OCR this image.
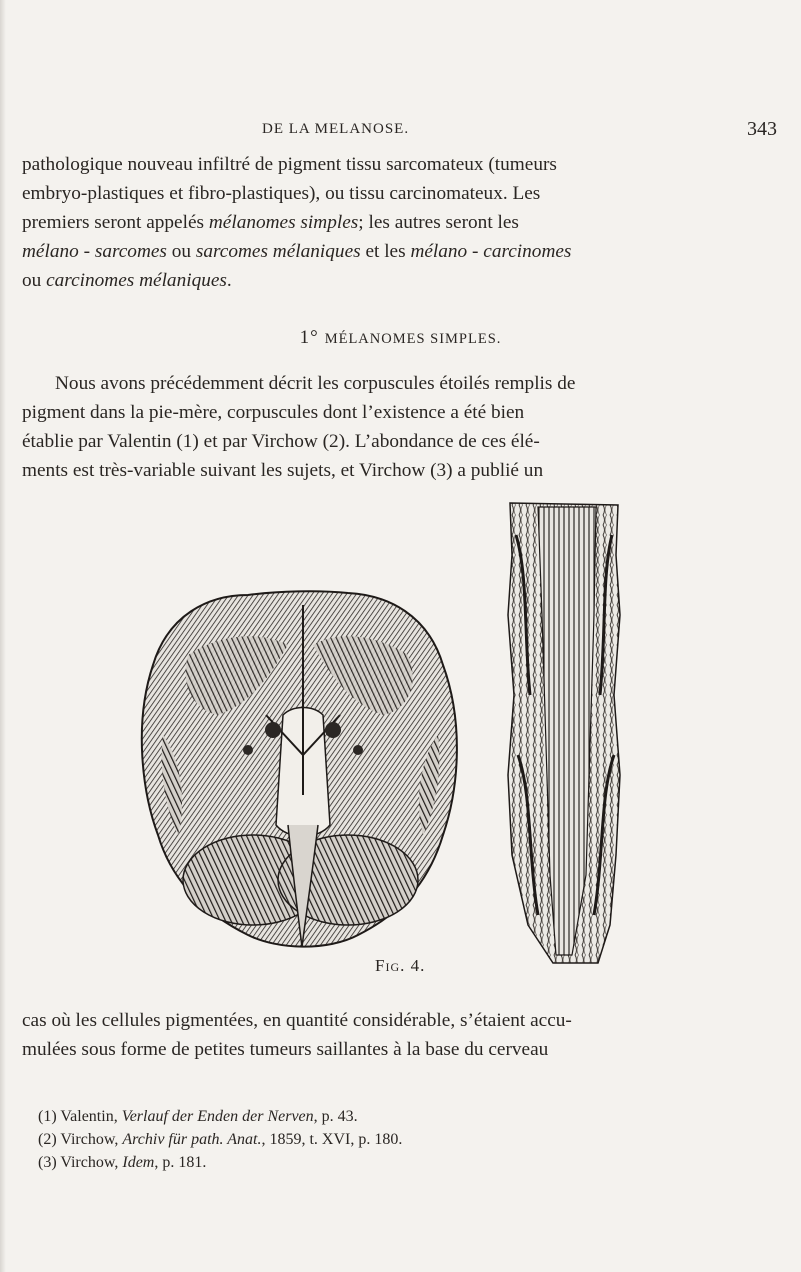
DE LA MELANOSE.	343

pathologique nouveau infiltré de pigment tissu sarcomateux (tumeurs

embryo-plastiques et fibro-plastiques), ou tissu carcinomateux. Les

premiers seront appelés mélanomes simples; les autres seront les

mélano - sarcomes ou sarcomes mélaniques et les mélano - carcinomes

ou carcinomes mélaniques.

1° MÉLANOMES SIMPLES.

Nous avons précédemment décrit les corpuscules étoilés remplis de

pigment dans la pie-mère, corpuscules dont l’existence a été bien

établie par Valentin (1) et par Virchow (2). L’abondance de ces élé-

ments est très-variable suivant les sujets, et Virchow (3) a publié un

Fig. 4.

cas où les cellules pigmentées, en quantité considérable, s’étaient accu-

mulées sous forme de petites tumeurs saillantes à la base du cerveau

(1) Valentin, Verlauf der Enden der Nerven, p. 43.
(2) Virchow, Archiv für path. Anat., 1859, t. XVI, p. 180.
(3) Virchow, Idem, p. 181.
